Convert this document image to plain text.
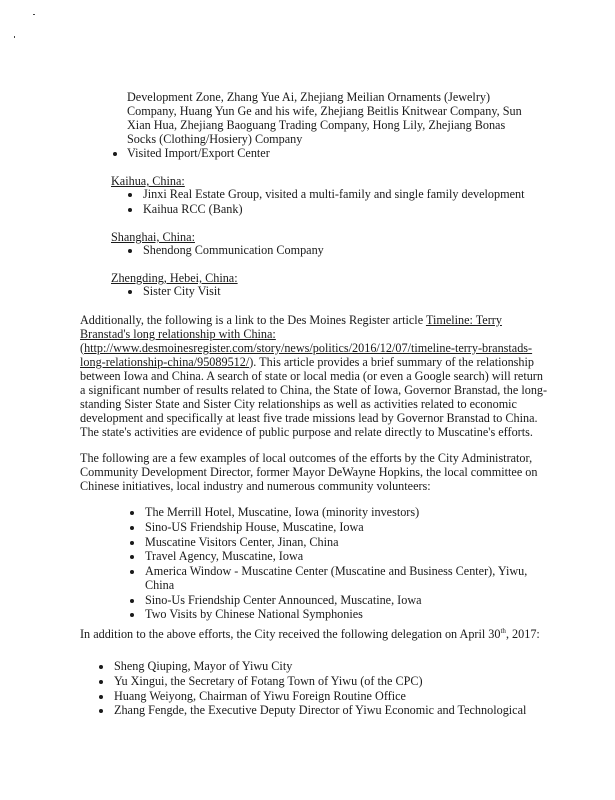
Development Zone, Zhang Yue Ai, Zhejiang Meilian Ornaments (Jewelry)
Company, Huang Yun Ge and his wife, Zhejiang Beitlis Knitwear Company, Sun
Xian Hua, Zhejiang Baoguang Trading Company, Hong Lily, Zhejiang Bonas
Socks (Clothing/Hosiery) Company
Visited Import/Export Center
Kaihua, China:
Jinxi Real Estate Group, visited a multi-family and single family development
Kaihua RCC (Bank)
Shanghai, China:
Shendong Communication Company
Zhengding, Hebei, China:
Sister City Visit
Additionally, the following is a link to the Des Moines Register article Timeline: Terry
Branstad's long relationship with China:
(http://www.desmoinesregister.com/story/news/politics/2016/12/07/timeline-terry-branstads-
long-relationship-china/95089512/). This article provides a brief summary of the relationship
between Iowa and China. A search of state or local media (or even a Google search) will return
a significant number of results related to China, the State of Iowa, Governor Branstad, the long-
standing Sister State and Sister City relationships as well as activities related to economic
development and specifically at least five trade missions lead by Governor Branstad to China.
The state's activities are evidence of public purpose and relate directly to Muscatine's efforts.
The following are a few examples of local outcomes of the efforts by the City Administrator,
Community Development Director, former Mayor DeWayne Hopkins, the local committee on
Chinese initiatives, local industry and numerous community volunteers:
The Merrill Hotel, Muscatine, Iowa (minority investors)
Sino-US Friendship House, Muscatine, Iowa
Muscatine Visitors Center, Jinan, China
Travel Agency, Muscatine, Iowa
America Window - Muscatine Center (Muscatine and Business Center), Yiwu,
China
Sino-Us Friendship Center Announced, Muscatine, Iowa
Two Visits by Chinese National Symphonies
In addition to the above efforts, the City received the following delegation on April 30th, 2017:
Sheng Qiuping, Mayor of Yiwu City
Yu Xingui, the Secretary of Fotang Town of Yiwu (of the CPC)
Huang Weiyong, Chairman of Yiwu Foreign Routine Office
Zhang Fengde, the Executive Deputy Director of Yiwu Economic and Technological
